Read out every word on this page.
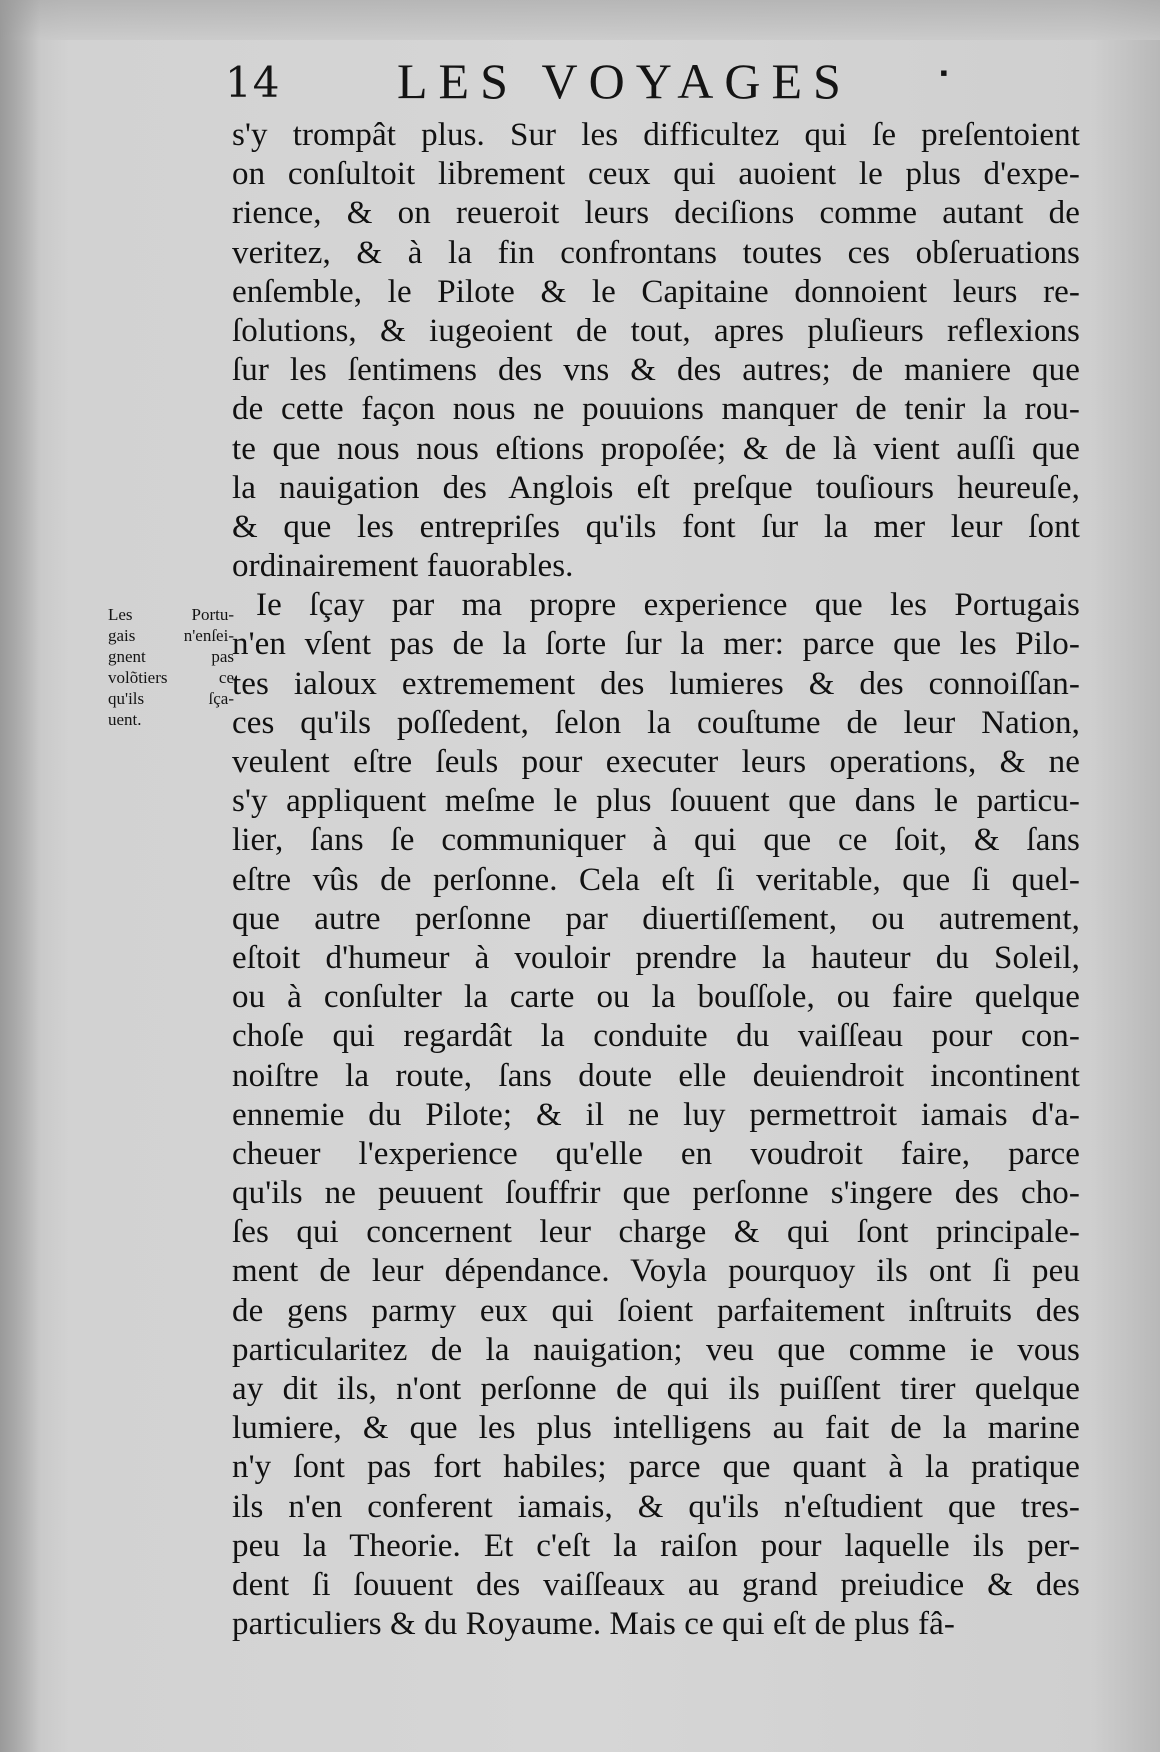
14 LES VOYAGES	▪
Les Portu-
gais n'enſei-
gnent pas
volõtiers ce
qu'ils ſça-
uent.
s'y trompât plus. Sur les difficultez qui ſe preſentoient
on conſultoit librement ceux qui auoient le plus d'expe-
rience, & on reueroit leurs deciſions comme autant de
veritez, & à la fin confrontans toutes ces obſeruations
enſemble, le Pilote & le Capitaine donnoient leurs re-
ſolutions, & iugeoient de tout, apres pluſieurs reflexions
ſur les ſentimens des vns & des autres; de maniere que
de cette façon nous ne pouuions manquer de tenir la rou-
te que nous nous eſtions propoſée; & de là vient auſſi que
la nauigation des Anglois eſt preſque touſiours heureuſe,
& que les entrepriſes qu'ils font ſur la mer leur ſont
ordinairement fauorables.
Ie ſçay par ma propre experience que les Portugais
n'en vſent pas de la ſorte ſur la mer: parce que les Pilo-
tes ialoux extremement des lumieres & des connoiſſan-
ces qu'ils poſſedent, ſelon la couſtume de leur Nation,
veulent eſtre ſeuls pour executer leurs operations, & ne
s'y appliquent meſme le plus ſouuent que dans le particu-
lier, ſans ſe communiquer à qui que ce ſoit, & ſans
eſtre vûs de perſonne. Cela eſt ſi veritable, que ſi quel-
que autre perſonne par diuertiſſement, ou autrement,
eſtoit d'humeur à vouloir prendre la hauteur du Soleil,
ou à conſulter la carte ou la bouſſole, ou faire quelque
choſe qui regardât la conduite du vaiſſeau pour con-
noiſtre la route, ſans doute elle deuiendroit incontinent
ennemie du Pilote; & il ne luy permettroit iamais d'a-
cheuer l'experience qu'elle en voudroit faire, parce
qu'ils ne peuuent ſouffrir que perſonne s'ingere des cho-
ſes qui concernent leur charge & qui ſont principale-
ment de leur dépendance. Voyla pourquoy ils ont ſi peu
de gens parmy eux qui ſoient parfaitement inſtruits des
particularitez de la nauigation; veu que comme ie vous
ay dit ils, n'ont perſonne de qui ils puiſſent tirer quelque
lumiere, & que les plus intelligens au fait de la marine
n'y ſont pas fort habiles; parce que quant à la pratique
ils n'en conferent iamais, & qu'ils n'eſtudient que tres-
peu la Theorie. Et c'eſt la raiſon pour laquelle ils per-
dent ſi ſouuent des vaiſſeaux au grand preiudice & des
particuliers & du Royaume. Mais ce qui eſt de plus fâ-
